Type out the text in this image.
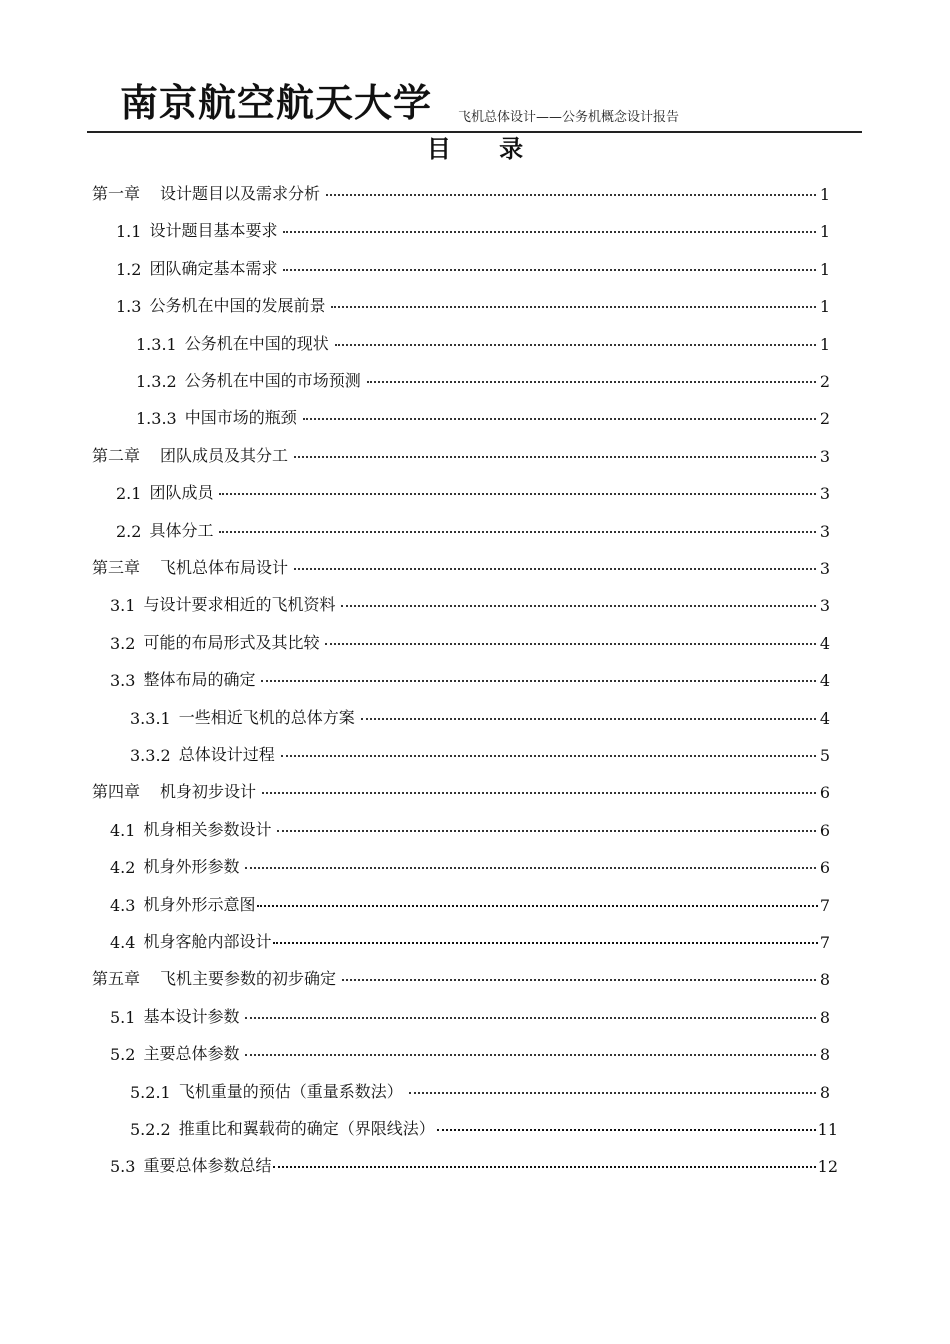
南京航空航天大学 飞机总体设计——公务机概念设计报告
目 录
第一章 设计题目以及需求分析	1
1.1 设计题目基本要求	1
1.2 团队确定基本需求	1
1.3 公务机在中国的发展前景	1
1.3.1 公务机在中国的现状	1
1.3.2 公务机在中国的市场预测	2
1.3.3 中国市场的瓶颈	2
第二章 团队成员及其分工	3
2.1 团队成员	3
2.2 具体分工	3
第三章 飞机总体布局设计	3
3.1 与设计要求相近的飞机资料	3
3.2 可能的布局形式及其比较	4
3.3 整体布局的确定	4
3.3.1 一些相近飞机的总体方案	4
3.3.2 总体设计过程	5
第四章 机身初步设计	6
4.1 机身相关参数设计	6
4.2 机身外形参数	6
4.3 机身外形示意图	7
4.4 机身客舱内部设计	7
第五章 飞机主要参数的初步确定	8
5.1 基本设计参数	8
5.2 主要总体参数	8
5.2.1 飞机重量的预估（重量系数法）	8
5.2.2 推重比和翼载荷的确定（界限线法）	11
5.3 重要总体参数总结	12
